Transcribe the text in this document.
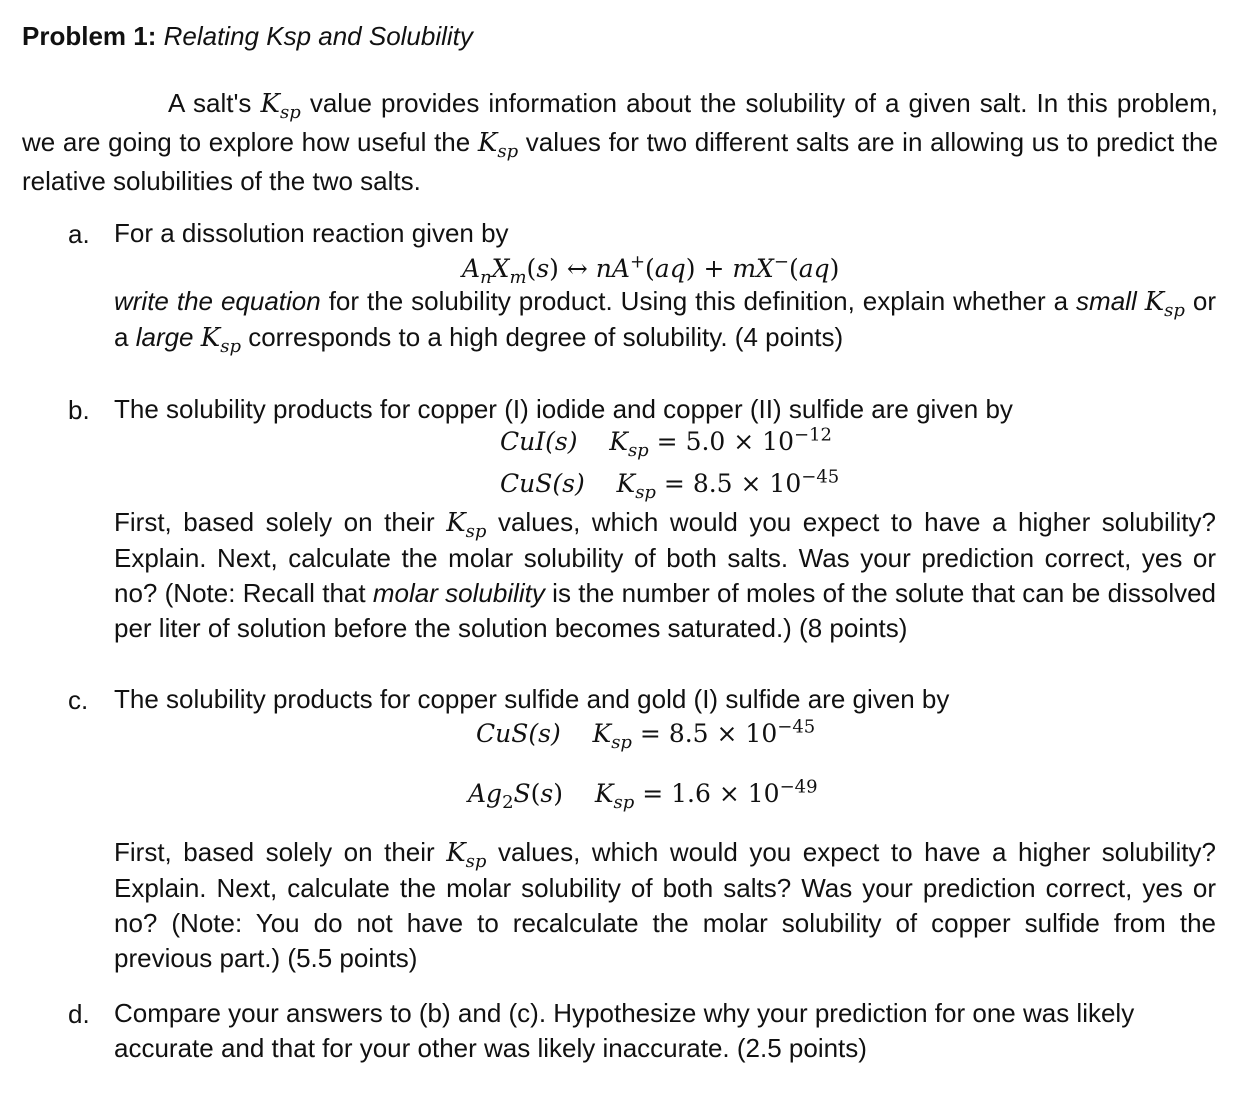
Problem 1: Relating Ksp and Solubility
A salt's $K_{sp}$ value provides information about the solubility of a given salt. In this problem, we are going to explore how useful the $K_{sp}$ values for two different salts are in allowing us to predict the relative solubilities of the two salts.
a. For a dissolution reaction given by
$A_nX_m(s)$ ↔ nA+(aq) + mX−(aq)
write the equation for the solubility product. Using this definition, explain whether a small $K_{sp}$ or a large $K_{sp}$ corresponds to a high degree of solubility. (4 points)
b. The solubility products for copper (I) iodide and copper (II) sulfide are given by
CuI(s) $K_{sp} = 5.0 \times 10^{-12}$
CuS(s) $K_{sp} = 8.5 \times 10^{-45}$
First, based solely on their $K_{sp}$ values, which would you expect to have a higher solubility? Explain. Next, calculate the molar solubility of both salts. Was your prediction correct, yes or no? (Note: Recall that molar solubility is the number of moles of the solute that can be dissolved per liter of solution before the solution becomes saturated.) (8 points)
c. The solubility products for copper sulfide and gold (I) sulfide are given by
CuS(s) $K_{sp} = 8.5 \times 10^{-45}$
$Ag_2S(s) K_{sp} = 1.6 \times 10^{-49}$
First, based solely on their $K_{sp}$ values, which would you expect to have a higher solubility? Explain. Next, calculate the molar solubility of both salts? Was your prediction correct, yes or no? (Note: You do not have to recalculate the molar solubility of copper sulfide from the previous part.) (5.5 points)
d. Compare your answers to (b) and (c). Hypothesize why your prediction for one was likely accurate and that for your other was likely inaccurate. (2.5 points)
